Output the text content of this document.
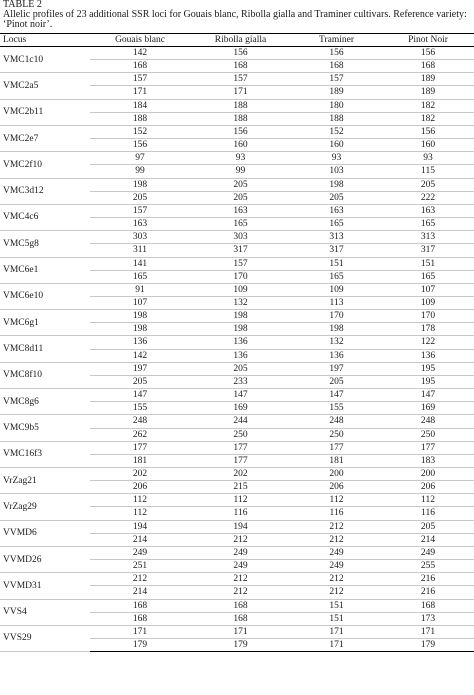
TABLE 2
Allelic profiles of 23 additional SSR loci for Gouais blanc, Ribolla gialla and Traminer cultivars. Reference variety: ‘Pinot noir’.
Locus	Gouais blanc	Ribolla gialla	Traminer	Pinot Noir
VMC1c10	142	156	156	156
	168	168	168	168
VMC2a5	157	157	157	189
	171	171	189	189
VMC2b11	184	188	180	182
	188	188	188	182
VMC2e7	152	156	152	156
	156	160	160	160
VMC2f10	97	93	93	93
	99	99	103	115
VMC3d12	198	205	198	205
	205	205	205	222
VMC4c6	157	163	163	163
	163	165	165	165
VMC5g8	303	303	313	313
	311	317	317	317
VMC6e1	141	157	151	151
	165	170	165	165
VMC6e10	91	109	109	107
	107	132	113	109
VMC6g1	198	198	170	170
	198	198	198	178
VMC8d11	136	136	132	122
	142	136	136	136
VMC8f10	197	205	197	195
	205	233	205	195
VMC8g6	147	147	147	147
	155	169	155	169
VMC9b5	248	244	248	248
	262	250	250	250
VMC16f3	177	177	177	177
	181	177	181	183
VrZag21	202	202	200	200
	206	215	206	206
VrZag29	112	112	112	112
	112	116	116	116
VVMD6	194	194	212	205
	214	212	212	214
VVMD26	249	249	249	249
	251	249	249	255
VVMD31	212	212	212	216
	214	212	212	216
VVS4	168	168	151	168
	168	168	151	173
VVS29	171	171	171	171
	179	179	171	179
